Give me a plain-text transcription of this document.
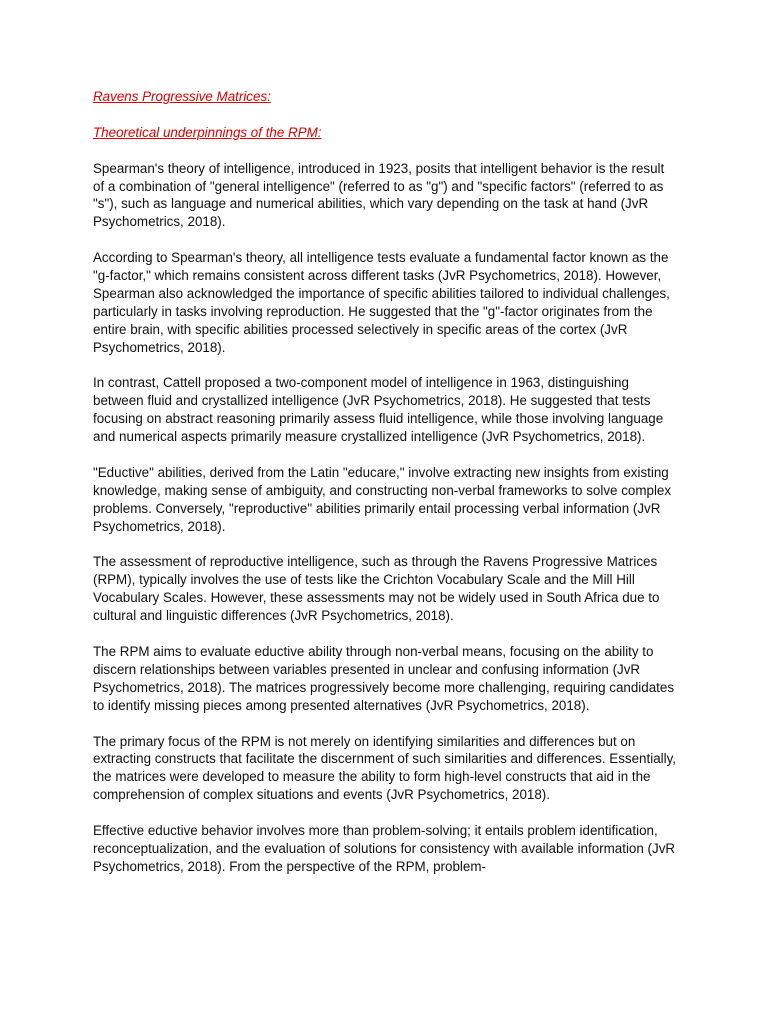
Ravens Progressive Matrices:

Theoretical underpinnings of the RPM:

Spearman's theory of intelligence, introduced in 1923, posits that intelligent behavior is the result of a combination of "general intelligence" (referred to as "g") and "specific factors" (referred to as "s"), such as language and numerical abilities, which vary depending on the task at hand (JvR Psychometrics, 2018).

According to Spearman's theory, all intelligence tests evaluate a fundamental factor known as the "g-factor," which remains consistent across different tasks (JvR Psychometrics, 2018). However, Spearman also acknowledged the importance of specific abilities tailored to individual challenges, particularly in tasks involving reproduction. He suggested that the "g"-factor originates from the entire brain, with specific abilities processed selectively in specific areas of the cortex (JvR Psychometrics, 2018).

In contrast, Cattell proposed a two-component model of intelligence in 1963, distinguishing between fluid and crystallized intelligence (JvR Psychometrics, 2018). He suggested that tests focusing on abstract reasoning primarily assess fluid intelligence, while those involving language and numerical aspects primarily measure crystallized intelligence (JvR Psychometrics, 2018).

"Eductive" abilities, derived from the Latin "educare," involve extracting new insights from existing knowledge, making sense of ambiguity, and constructing non-verbal frameworks to solve complex problems. Conversely, "reproductive" abilities primarily entail processing verbal information (JvR Psychometrics, 2018).

The assessment of reproductive intelligence, such as through the Ravens Progressive Matrices (RPM), typically involves the use of tests like the Crichton Vocabulary Scale and the Mill Hill Vocabulary Scales. However, these assessments may not be widely used in South Africa due to cultural and linguistic differences (JvR Psychometrics, 2018).

The RPM aims to evaluate eductive ability through non-verbal means, focusing on the ability to discern relationships between variables presented in unclear and confusing information (JvR Psychometrics, 2018). The matrices progressively become more challenging, requiring candidates to identify missing pieces among presented alternatives (JvR Psychometrics, 2018).

The primary focus of the RPM is not merely on identifying similarities and differences but on extracting constructs that facilitate the discernment of such similarities and differences. Essentially, the matrices were developed to measure the ability to form high-level constructs that aid in the comprehension of complex situations and events (JvR Psychometrics, 2018).

Effective eductive behavior involves more than problem-solving; it entails problem identification, reconceptualization, and the evaluation of solutions for consistency with available information (JvR Psychometrics, 2018). From the perspective of the RPM, problem-
